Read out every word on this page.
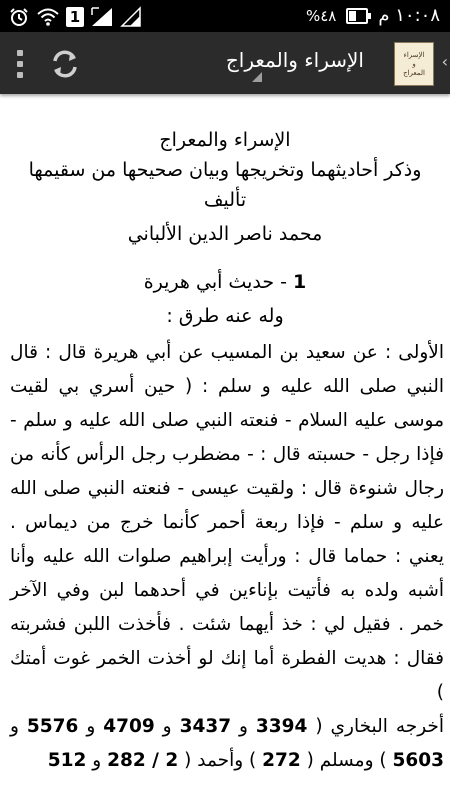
1	%٤٨ ١٠:٠٨ م
الإسراء والمعراج	الإسراء
و
المعراج
‹

الإسراء والمعراج

وذكر أحاديثهما وتخريجها وبيان صحيحها من سقيمها

تأليف

محمد ناصر الدين الألباني

1 - حديث أبي هريرة
وله عنه طرق :
الأولى : عن سعيد بن المسيب عن أبي هريرة قال : قال النبي صلى الله عليه و سلم : ( حين أسري بي لقيت موسى عليه السلام - فنعته النبي صلى الله عليه و سلم - فإذا رجل - حسبته قال : - مضطرب رجل الرأس كأنه من رجال شنوءة قال : ولقيت عيسى - فنعته النبي صلى الله عليه و سلم - فإذا ربعة أحمر كأنما خرج من ديماس . يعني : حماما قال : ورأيت إبراهيم صلوات الله عليه وأنا أشبه ولده به فأتيت بإناءين في أحدهما لبن وفي الآخر خمر . فقيل لي : خذ أيهما شئت . فأخذت اللبن فشربته فقال : هديت الفطرة أما إنك لو أخذت الخمر غوت أمتك )
أخرجه البخاري ( 3394 و 3437 و 4709 و 5576 و 5603 ) ومسلم ( 272 ) وأحمد ( 2 / 282 و 512
